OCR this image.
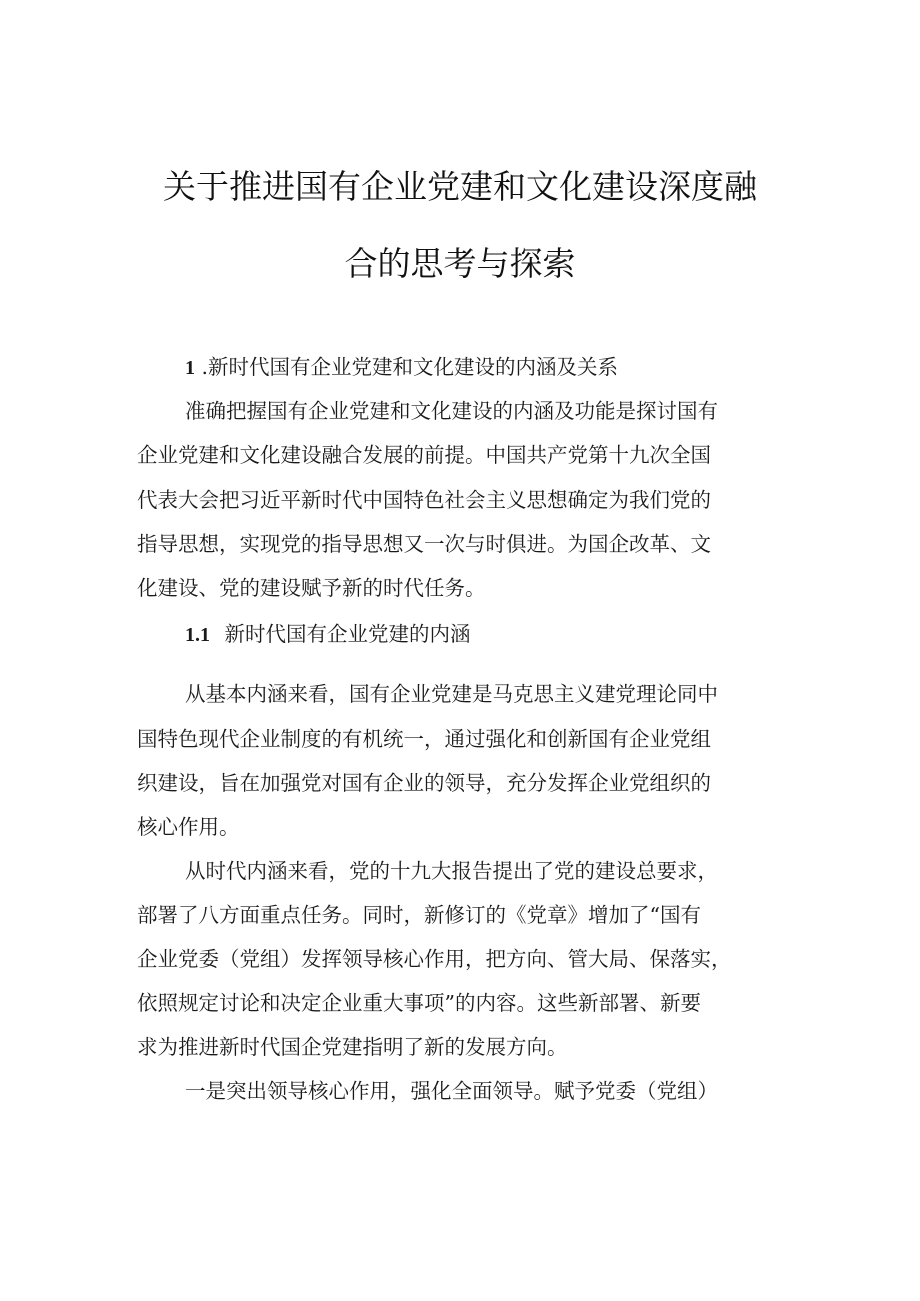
关于推进国有企业党建和文化建设深度融
合的思考与探索
1 .新时代国有企业党建和文化建设的内涵及关系
准确把握国有企业党建和文化建设的内涵及功能是探讨国有
企业党建和文化建设融合发展的前提。中国共产党第十九次全国
代表大会把习近平新时代中国特色社会主义思想确定为我们党的
指导思想，实现党的指导思想又一次与时俱进。为国企改革、文
化建设、党的建设赋予新的时代任务。
1.1 新时代国有企业党建的内涵
从基本内涵来看，国有企业党建是马克思主义建党理论同中
国特色现代企业制度的有机统一，通过强化和创新国有企业党组
织建设，旨在加强党对国有企业的领导，充分发挥企业党组织的
核心作用。
从时代内涵来看，党的十九大报告提出了党的建设总要求，
部署了八方面重点任务。同时，新修订的《党章》增加了“国有
企业党委（党组）发挥领导核心作用，把方向、管大局、保落实，
依照规定讨论和决定企业重大事项”的内容。这些新部署、新要
求为推进新时代国企党建指明了新的发展方向。
一是突出领导核心作用，强化全面领导。赋予党委（党组）
